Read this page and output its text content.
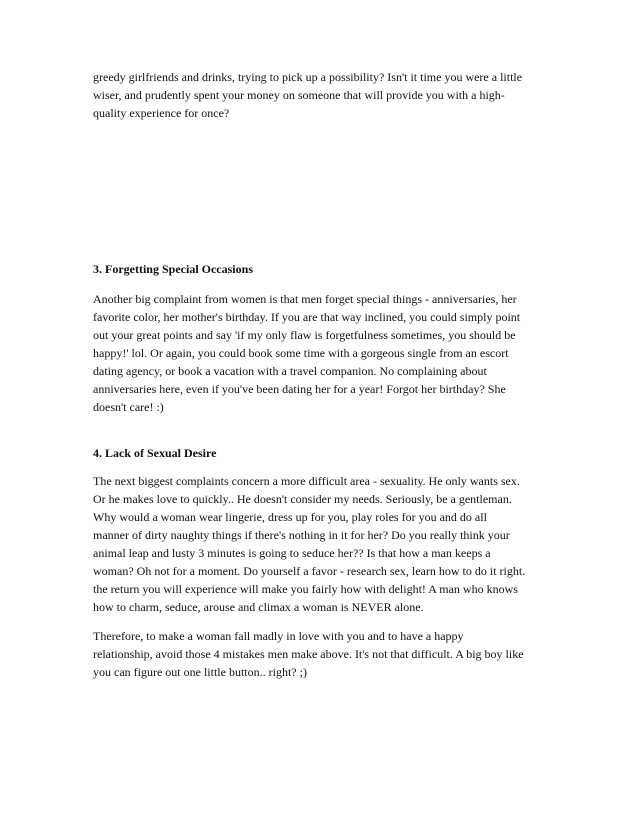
greedy girlfriends and drinks, trying to pick up a possibility? Isn't it time you were a little

wiser, and prudently spent your money on someone that will provide you with a high-

quality experience for once?

3. Forgetting Special Occasions

Another big complaint from women is that men forget special things - anniversaries, her

favorite color, her mother's birthday. If you are that way inclined, you could simply point

out your great points and say 'if my only flaw is forgetfulness sometimes, you should be

happy!' lol. Or again, you could book some time with a gorgeous single from an escort

dating agency, or book a vacation with a travel companion. No complaining about

anniversaries here, even if you've been dating her for a year! Forgot her birthday? She

doesn't care! :)

4. Lack of Sexual Desire

The next biggest complaints concern a more difficult area - sexuality. He only wants sex.

Or he makes love to quickly.. He doesn't consider my needs. Seriously, be a gentleman.

Why would a woman wear lingerie, dress up for you, play roles for you and do all

manner of dirty naughty things if there's nothing in it for her? Do you really think your

animal leap and lusty 3 minutes is going to seduce her?? Is that how a man keeps a

woman? Oh not for a moment. Do yourself a favor - research sex, learn how to do it right.

the return you will experience will make you fairly how with delight! A man who knows

how to charm, seduce, arouse and climax a woman is NEVER alone.

Therefore, to make a woman fall madly in love with you and to have a happy

relationship, avoid those 4 mistakes men make above. It's not that difficult. A big boy like

you can figure out one little button.. right? ;)
